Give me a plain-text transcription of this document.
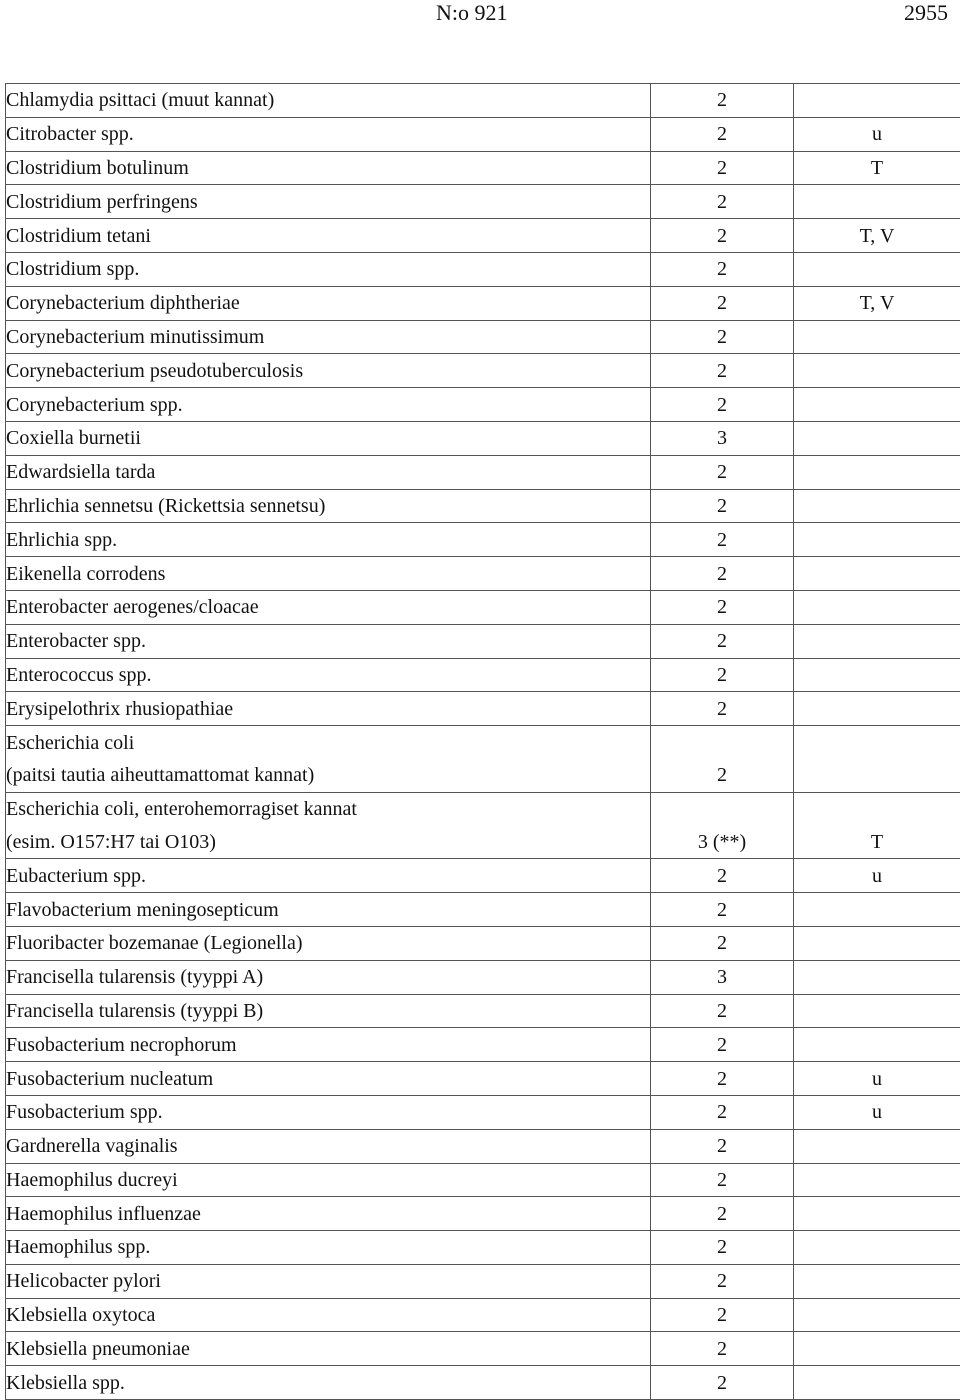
N:o 921	2955
Chlamydia psittaci (muut kannat)	2	
Citrobacter spp.	2	u
Clostridium botulinum	2	T
Clostridium perfringens	2	
Clostridium tetani	2	T, V
Clostridium spp.	2	
Corynebacterium diphtheriae	2	T, V
Corynebacterium minutissimum	2	
Corynebacterium pseudotuberculosis	2	
Corynebacterium spp.	2	
Coxiella burnetii	3	
Edwardsiella tarda	2	
Ehrlichia sennetsu (Rickettsia sennetsu)	2	
Ehrlichia spp.	2	
Eikenella corrodens	2	
Enterobacter aerogenes/cloacae	2	
Enterobacter spp.	2	
Enterococcus spp.	2	
Erysipelothrix rhusiopathiae	2	
Escherichia coli		
(paitsi tautia aiheuttamattomat kannat)	2	
Escherichia coli, enterohemorragiset kannat		
(esim. O157:H7 tai O103)	3 (**)	T
Eubacterium spp.	2	u
Flavobacterium meningosepticum	2	
Fluoribacter bozemanae (Legionella)	2	
Francisella tularensis (tyyppi A)	3	
Francisella tularensis (tyyppi B)	2	
Fusobacterium necrophorum	2	
Fusobacterium nucleatum	2	u
Fusobacterium spp.	2	u
Gardnerella vaginalis	2	
Haemophilus ducreyi	2	
Haemophilus influenzae	2	
Haemophilus spp.	2	
Helicobacter pylori	2	
Klebsiella oxytoca	2	
Klebsiella pneumoniae	2	
Klebsiella spp.	2	
